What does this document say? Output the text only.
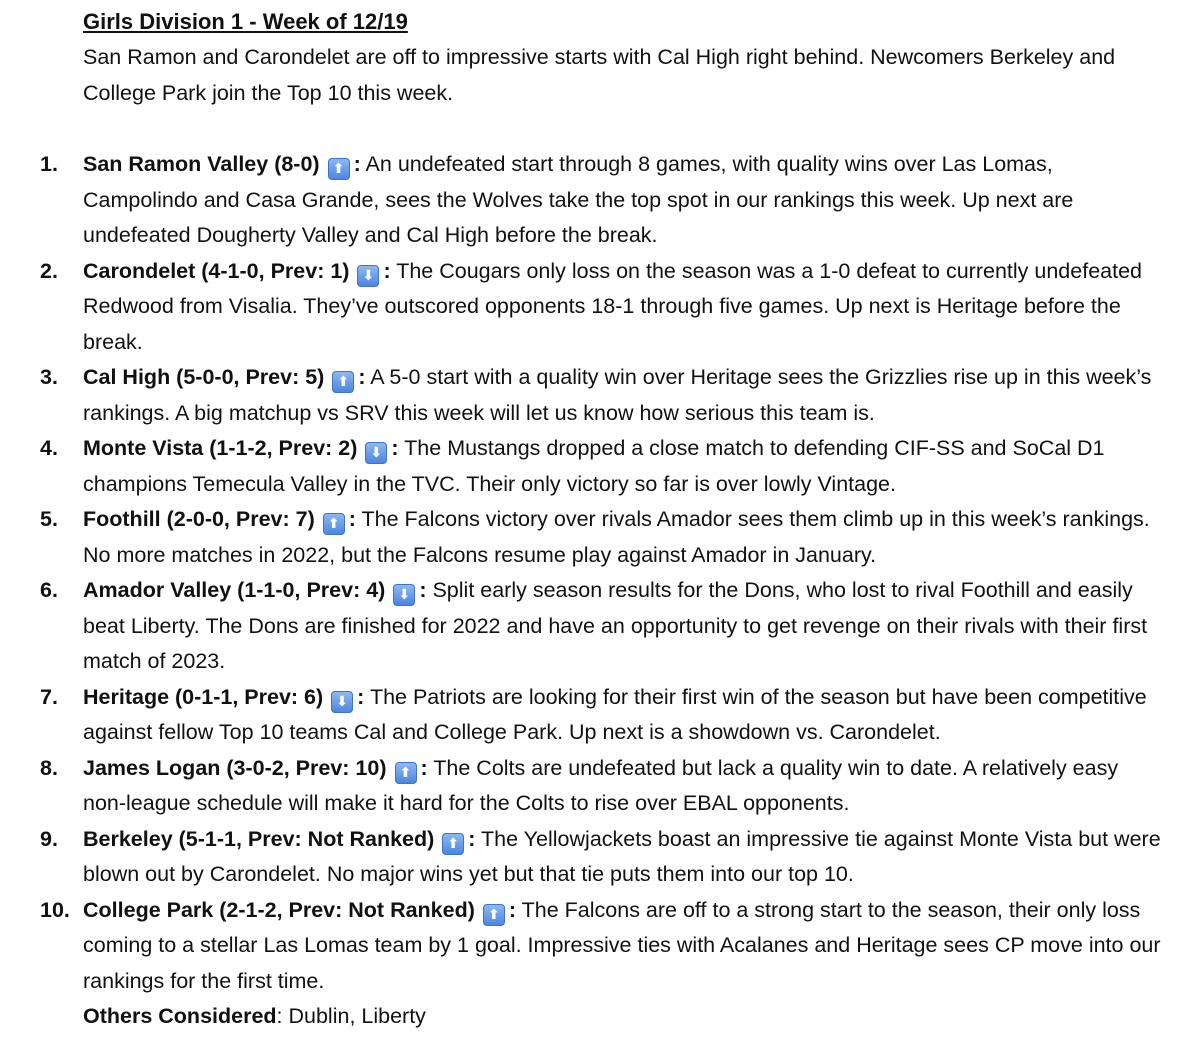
Girls Division 1 - Week of 12/19
San Ramon and Carondelet are off to impressive starts with Cal High right behind. Newcomers Berkeley and College Park join the Top 10 this week.
1. San Ramon Valley (8-0) ⬆ : An undefeated start through 8 games, with quality wins over Las Lomas, Campolindo and Casa Grande, sees the Wolves take the top spot in our rankings this week. Up next are undefeated Dougherty Valley and Cal High before the break.
2. Carondelet (4-1-0, Prev: 1) ⬇ : The Cougars only loss on the season was a 1-0 defeat to currently undefeated Redwood from Visalia. They’ve outscored opponents 18-1 through five games. Up next is Heritage before the break.
3. Cal High (5-0-0, Prev: 5) ⬆ : A 5-0 start with a quality win over Heritage sees the Grizzlies rise up in this week’s rankings. A big matchup vs SRV this week will let us know how serious this team is.
4. Monte Vista (1-1-2, Prev: 2) ⬇ : The Mustangs dropped a close match to defending CIF-SS and SoCal D1 champions Temecula Valley in the TVC. Their only victory so far is over lowly Vintage.
5. Foothill (2-0-0, Prev: 7) ⬆ : The Falcons victory over rivals Amador sees them climb up in this week’s rankings. No more matches in 2022, but the Falcons resume play against Amador in January.
6. Amador Valley (1-1-0, Prev: 4) ⬇ : Split early season results for the Dons, who lost to rival Foothill and easily beat Liberty. The Dons are finished for 2022 and have an opportunity to get revenge on their rivals with their first match of 2023.
7. Heritage (0-1-1, Prev: 6) ⬇ : The Patriots are looking for their first win of the season but have been competitive against fellow Top 10 teams Cal and College Park. Up next is a showdown vs. Carondelet.
8. James Logan (3-0-2, Prev: 10) ⬆ : The Colts are undefeated but lack a quality win to date. A relatively easy non-league schedule will make it hard for the Colts to rise over EBAL opponents.
9. Berkeley (5-1-1, Prev: Not Ranked) ⬆ : The Yellowjackets boast an impressive tie against Monte Vista but were blown out by Carondelet. No major wins yet but that tie puts them into our top 10.
10. College Park (2-1-2, Prev: Not Ranked) ⬆ : The Falcons are off to a strong start to the season, their only loss coming to a stellar Las Lomas team by 1 goal. Impressive ties with Acalanes and Heritage sees CP move into our rankings for the first time.
Others Considered: Dublin, Liberty
